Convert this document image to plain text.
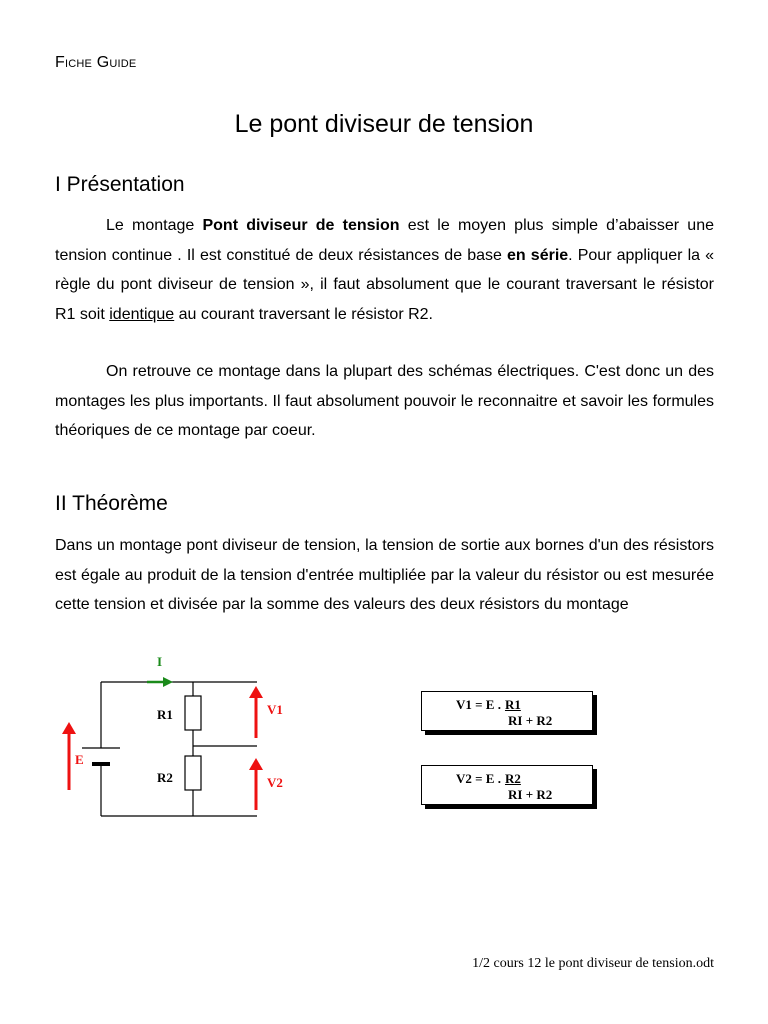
Fiche Guide
Le pont diviseur de tension
I Présentation

Le montage Pont diviseur de tension est le moyen plus simple d’abaisser une tension continue . Il est constitué de deux résistances de base en série. Pour appliquer la « règle du pont diviseur de tension », il faut absolument que le courant traversant le résistor R1 soit identique au courant traversant le résistor R2.

On retrouve ce montage dans la plupart des schémas électriques. C'est donc un des montages les plus importants. Il faut absolument pouvoir le reconnaitre et savoir les formules théoriques de ce montage par coeur.

II Théorème

Dans un montage pont diviseur de tension, la tension de sortie aux bornes d'un des résistors est égale au produit de la tension d'entrée multipliée par la valeur du résistor ou est mesurée cette tension et divisée par la somme des valeurs des deux résistors du montage

I
E
V1
V2
R1
R2
V1 = E . R1
RI + R2
V2 = E . R2
RI + R2
1/2 cours 12 le pont diviseur de tension.odt
